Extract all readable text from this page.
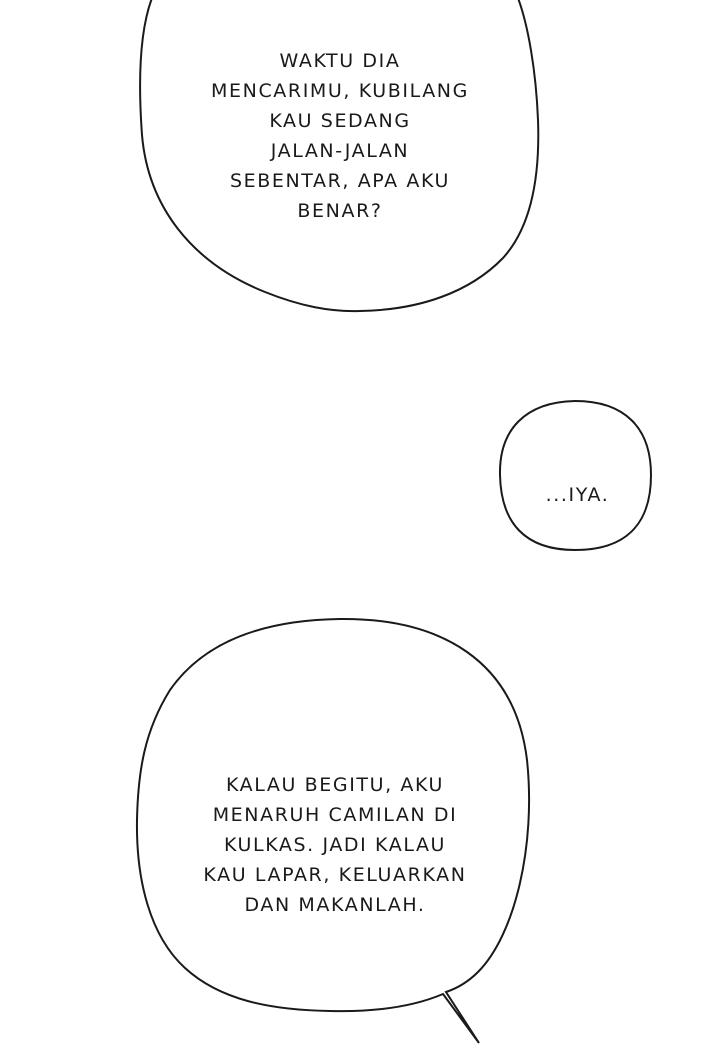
WAKTU DIA
MENCARIMU, KUBILANG
KAU SEDANG
JALAN-JALAN
SEBENTAR, APA AKU
BENAR?
...IYA.
KALAU BEGITU, AKU
MENARUH CAMILAN DI
KULKAS. JADI KALAU
KAU LAPAR, KELUARKAN
DAN MAKANLAH.
